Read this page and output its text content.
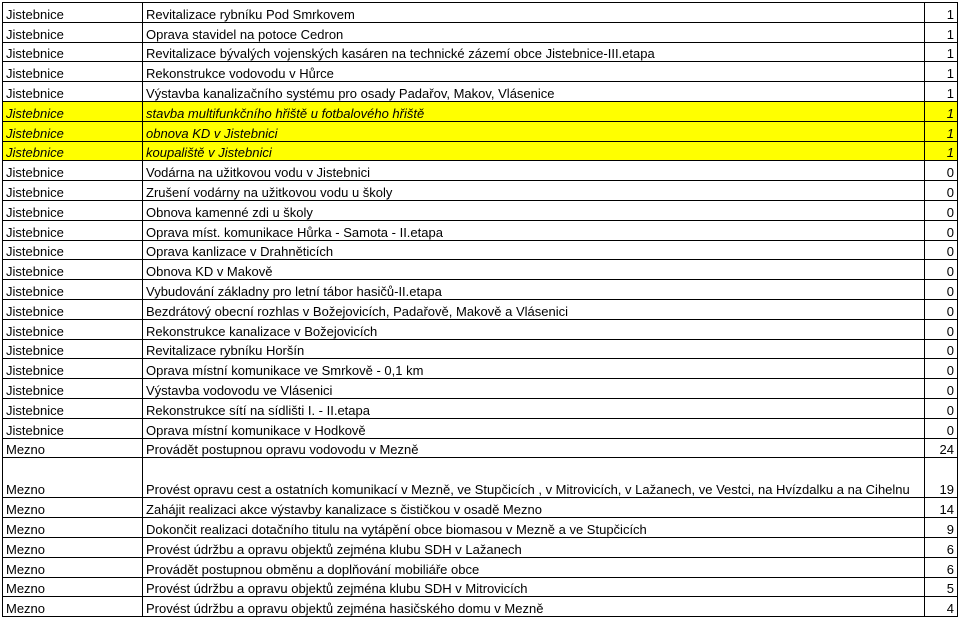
Jistebnice	Revitalizace rybníku Pod Smrkovem	1
Jistebnice	Oprava stavidel na potoce Cedron	1
Jistebnice	Revitalizace bývalých vojenských kasáren na technické zázemí obce Jistebnice-III.etapa	1
Jistebnice	Rekonstrukce vodovodu v Hůrce	1
Jistebnice	Výstavba kanalizačního systému pro osady Padařov, Makov, Vlásenice	1
Jistebnice	stavba multifunkčního hřiště u fotbalového hřiště	1
Jistebnice	obnova KD v Jistebnici	1
Jistebnice	koupaliště v Jistebnici	1
Jistebnice	Vodárna na užitkovou vodu v Jistebnici	0
Jistebnice	Zrušení vodárny na užitkovou vodu u školy	0
Jistebnice	Obnova kamenné zdi u školy	0
Jistebnice	Oprava míst. komunikace Hůrka - Samota - II.etapa	0
Jistebnice	Oprava kanlizace v Drahněticích	0
Jistebnice	Obnova KD v Makově	0
Jistebnice	Vybudování základny pro letní tábor hasičů-II.etapa	0
Jistebnice	Bezdrátový obecní rozhlas v Božejovicích, Padařově, Makově a Vlásenici	0
Jistebnice	Rekonstrukce kanalizace v Božejovicích	0
Jistebnice	Revitalizace rybníku Horšín	0
Jistebnice	Oprava místní komunikace ve Smrkově - 0,1 km	0
Jistebnice	Výstavba vodovodu ve Vlásenici	0
Jistebnice	Rekonstrukce sítí na sídlišti I. - II.etapa	0
Jistebnice	Oprava místní komunikace v Hodkově	0
Mezno	Provádět postupnou opravu vodovodu v Mezně	24
Mezno	Provést opravu cest a ostatních komunikací v Mezně, ve Stupčicích , v Mitrovicích, v Lažanech, ve Vestci, na Hvízdalku a na Cihelnu	19
Mezno	Zahájit realizaci akce výstavby kanalizace s čističkou v osadě Mezno	14
Mezno	Dokončit realizaci dotačního titulu na vytápění obce biomasou v Mezně a ve Stupčicích	9
Mezno	Provést údržbu a opravu objektů zejména klubu SDH v Lažanech	6
Mezno	Provádět postupnou obměnu a doplňování mobiliáře obce	6
Mezno	Provést údržbu a opravu objektů zejména klubu SDH v Mitrovicích	5
Mezno	Provést údržbu a opravu objektů zejména hasičského domu v Mezně	4
